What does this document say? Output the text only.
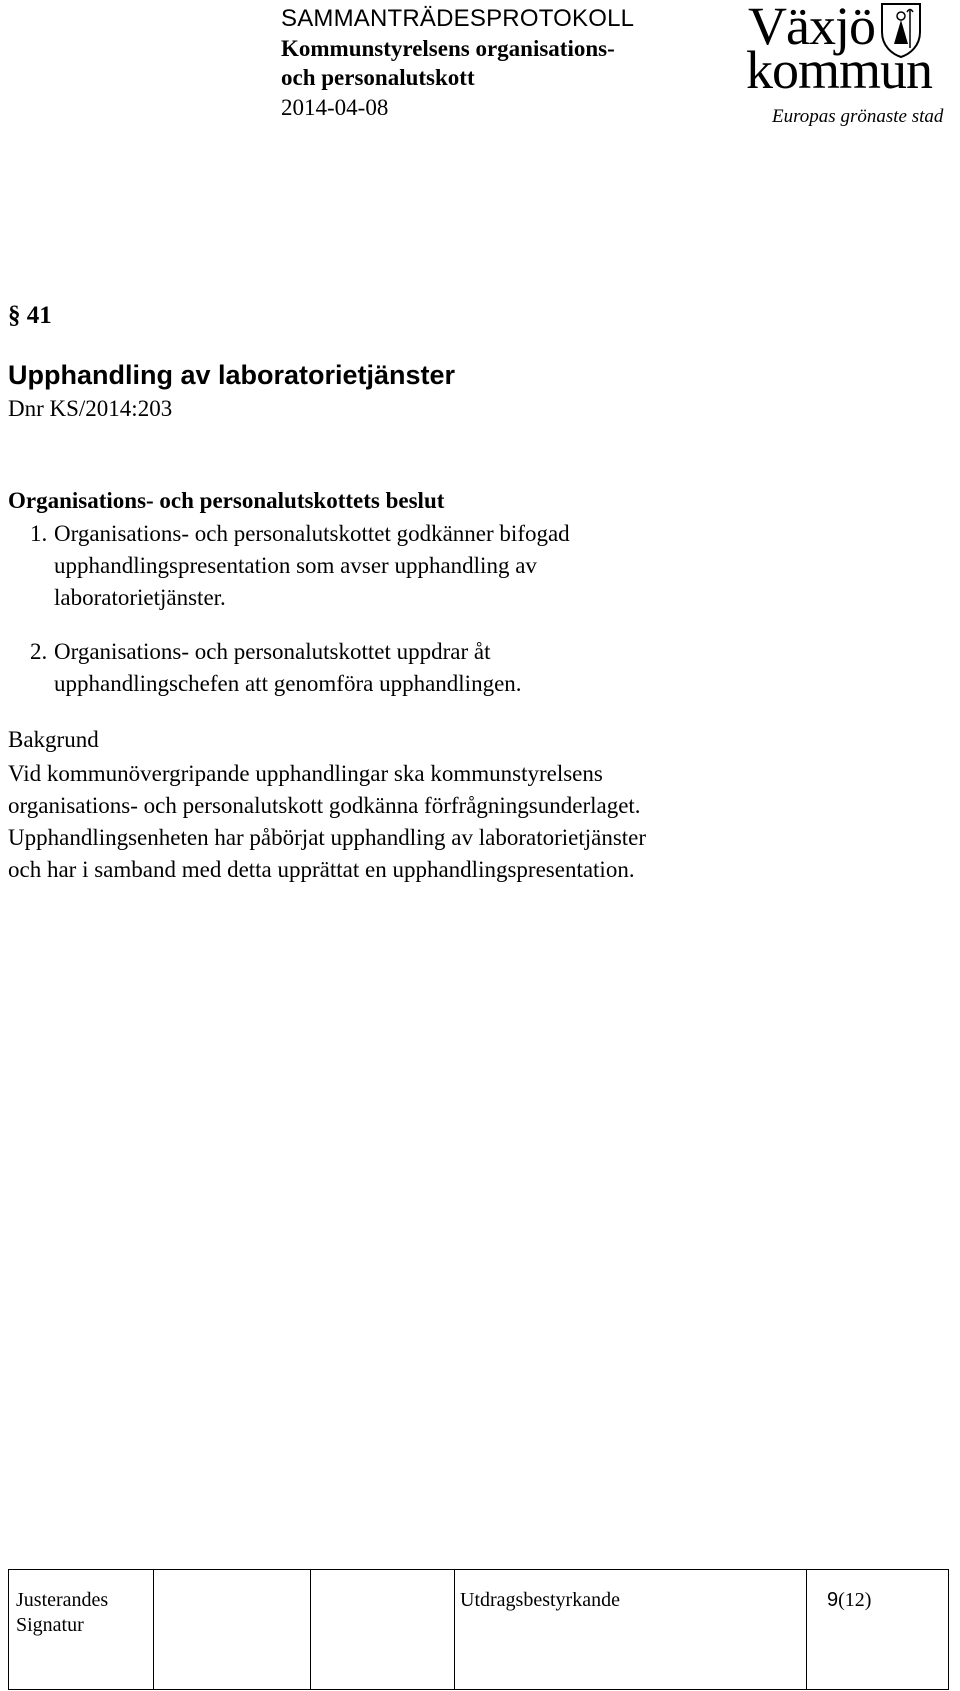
SAMMANTRÄDESPROTOKOLL
Kommunstyrelsens organisations-
och personalutskott
2014-04-08
Växjö
kommun
Europas grönaste stad
§ 41
Upphandling av laboratorietjänster
Dnr KS/2014:203
Organisations- och personalutskottets beslut
1. Organisations- och personalutskottet godkänner bifogad
upphandlingspresentation som avser upphandling av
laboratorietjänster.
2. Organisations- och personalutskottet uppdrar åt
upphandlingschefen att genomföra upphandlingen.
Bakgrund
Vid kommunövergripande upphandlingar ska kommunstyrelsens
organisations- och personalutskott godkänna förfrågningsunderlaget.
Upphandlingsenheten har påbörjat upphandling av laboratorietjänster
och har i samband med detta upprättat en upphandlingspresentation.
Justerandes
Signatur
Utdragsbestyrkande	9(12)
